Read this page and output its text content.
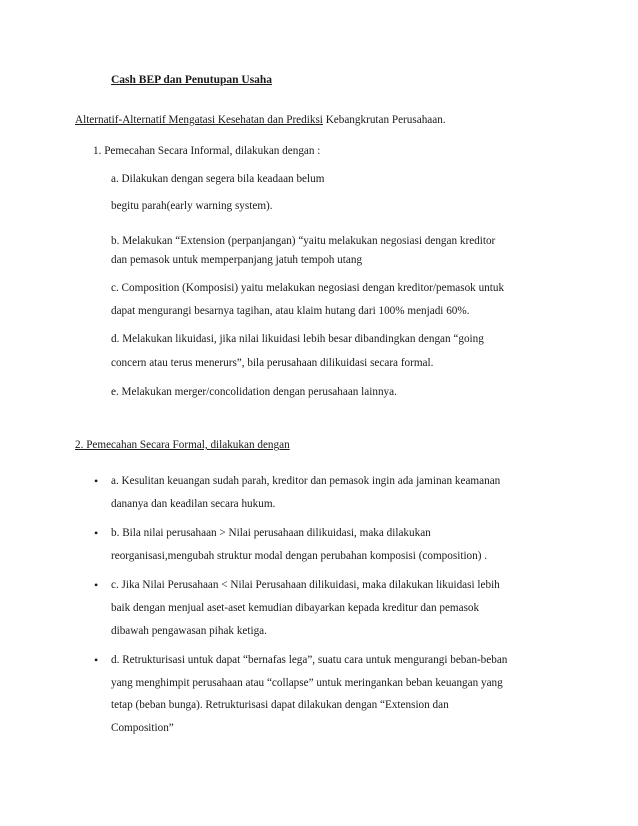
Cash BEP dan Penutupan Usaha
Alternatif-Alternatif Mengatasi Kesehatan dan Prediksi Kebangkrutan Perusahaan.
1. Pemecahan Secara Informal, dilakukan dengan :
a. Dilakukan dengan segera bila keadaan belum
begitu parah(early warning system).
b. Melakukan “Extension (perpanjangan) “yaitu melakukan negosiasi dengan kreditor
dan pemasok untuk memperpanjang jatuh tempoh utang
c. Composition (Komposisi) yaitu melakukan negosiasi dengan kreditor/pemasok untuk
dapat mengurangi besarnya tagihan, atau klaim hutang dari 100% menjadi 60%.
d. Melakukan likuidasi, jika nilai likuidasi lebih besar dibandingkan dengan “going
concern atau terus menerurs”, bila perusahaan dilikuidasi secara formal.
e. Melakukan merger/concolidation dengan perusahaan lainnya.
2. Pemecahan Secara Formal, dilakukan dengan
• a. Kesulitan keuangan sudah parah, kreditor dan pemasok ingin ada jaminan keamanan
dananya dan keadilan secara hukum.
• b. Bila nilai perusahaan > Nilai perusahaan dilikuidasi, maka dilakukan
reorganisasi,mengubah struktur modal dengan perubahan komposisi (composition) .
• c. Jika Nilai Perusahaan < Nilai Perusahaan dilikuidasi, maka dilakukan likuidasi lebih
baik dengan menjual aset-aset kemudian dibayarkan kepada kreditur dan pemasok
dibawah pengawasan pihak ketiga.
• d. Retrukturisasi untuk dapat “bernafas lega”, suatu cara untuk mengurangi beban-beban
yang menghimpit perusahaan atau “collapse” untuk meringankan beban keuangan yang
tetap (beban bunga). Retrukturisasi dapat dilakukan dengan “Extension dan
Composition”
